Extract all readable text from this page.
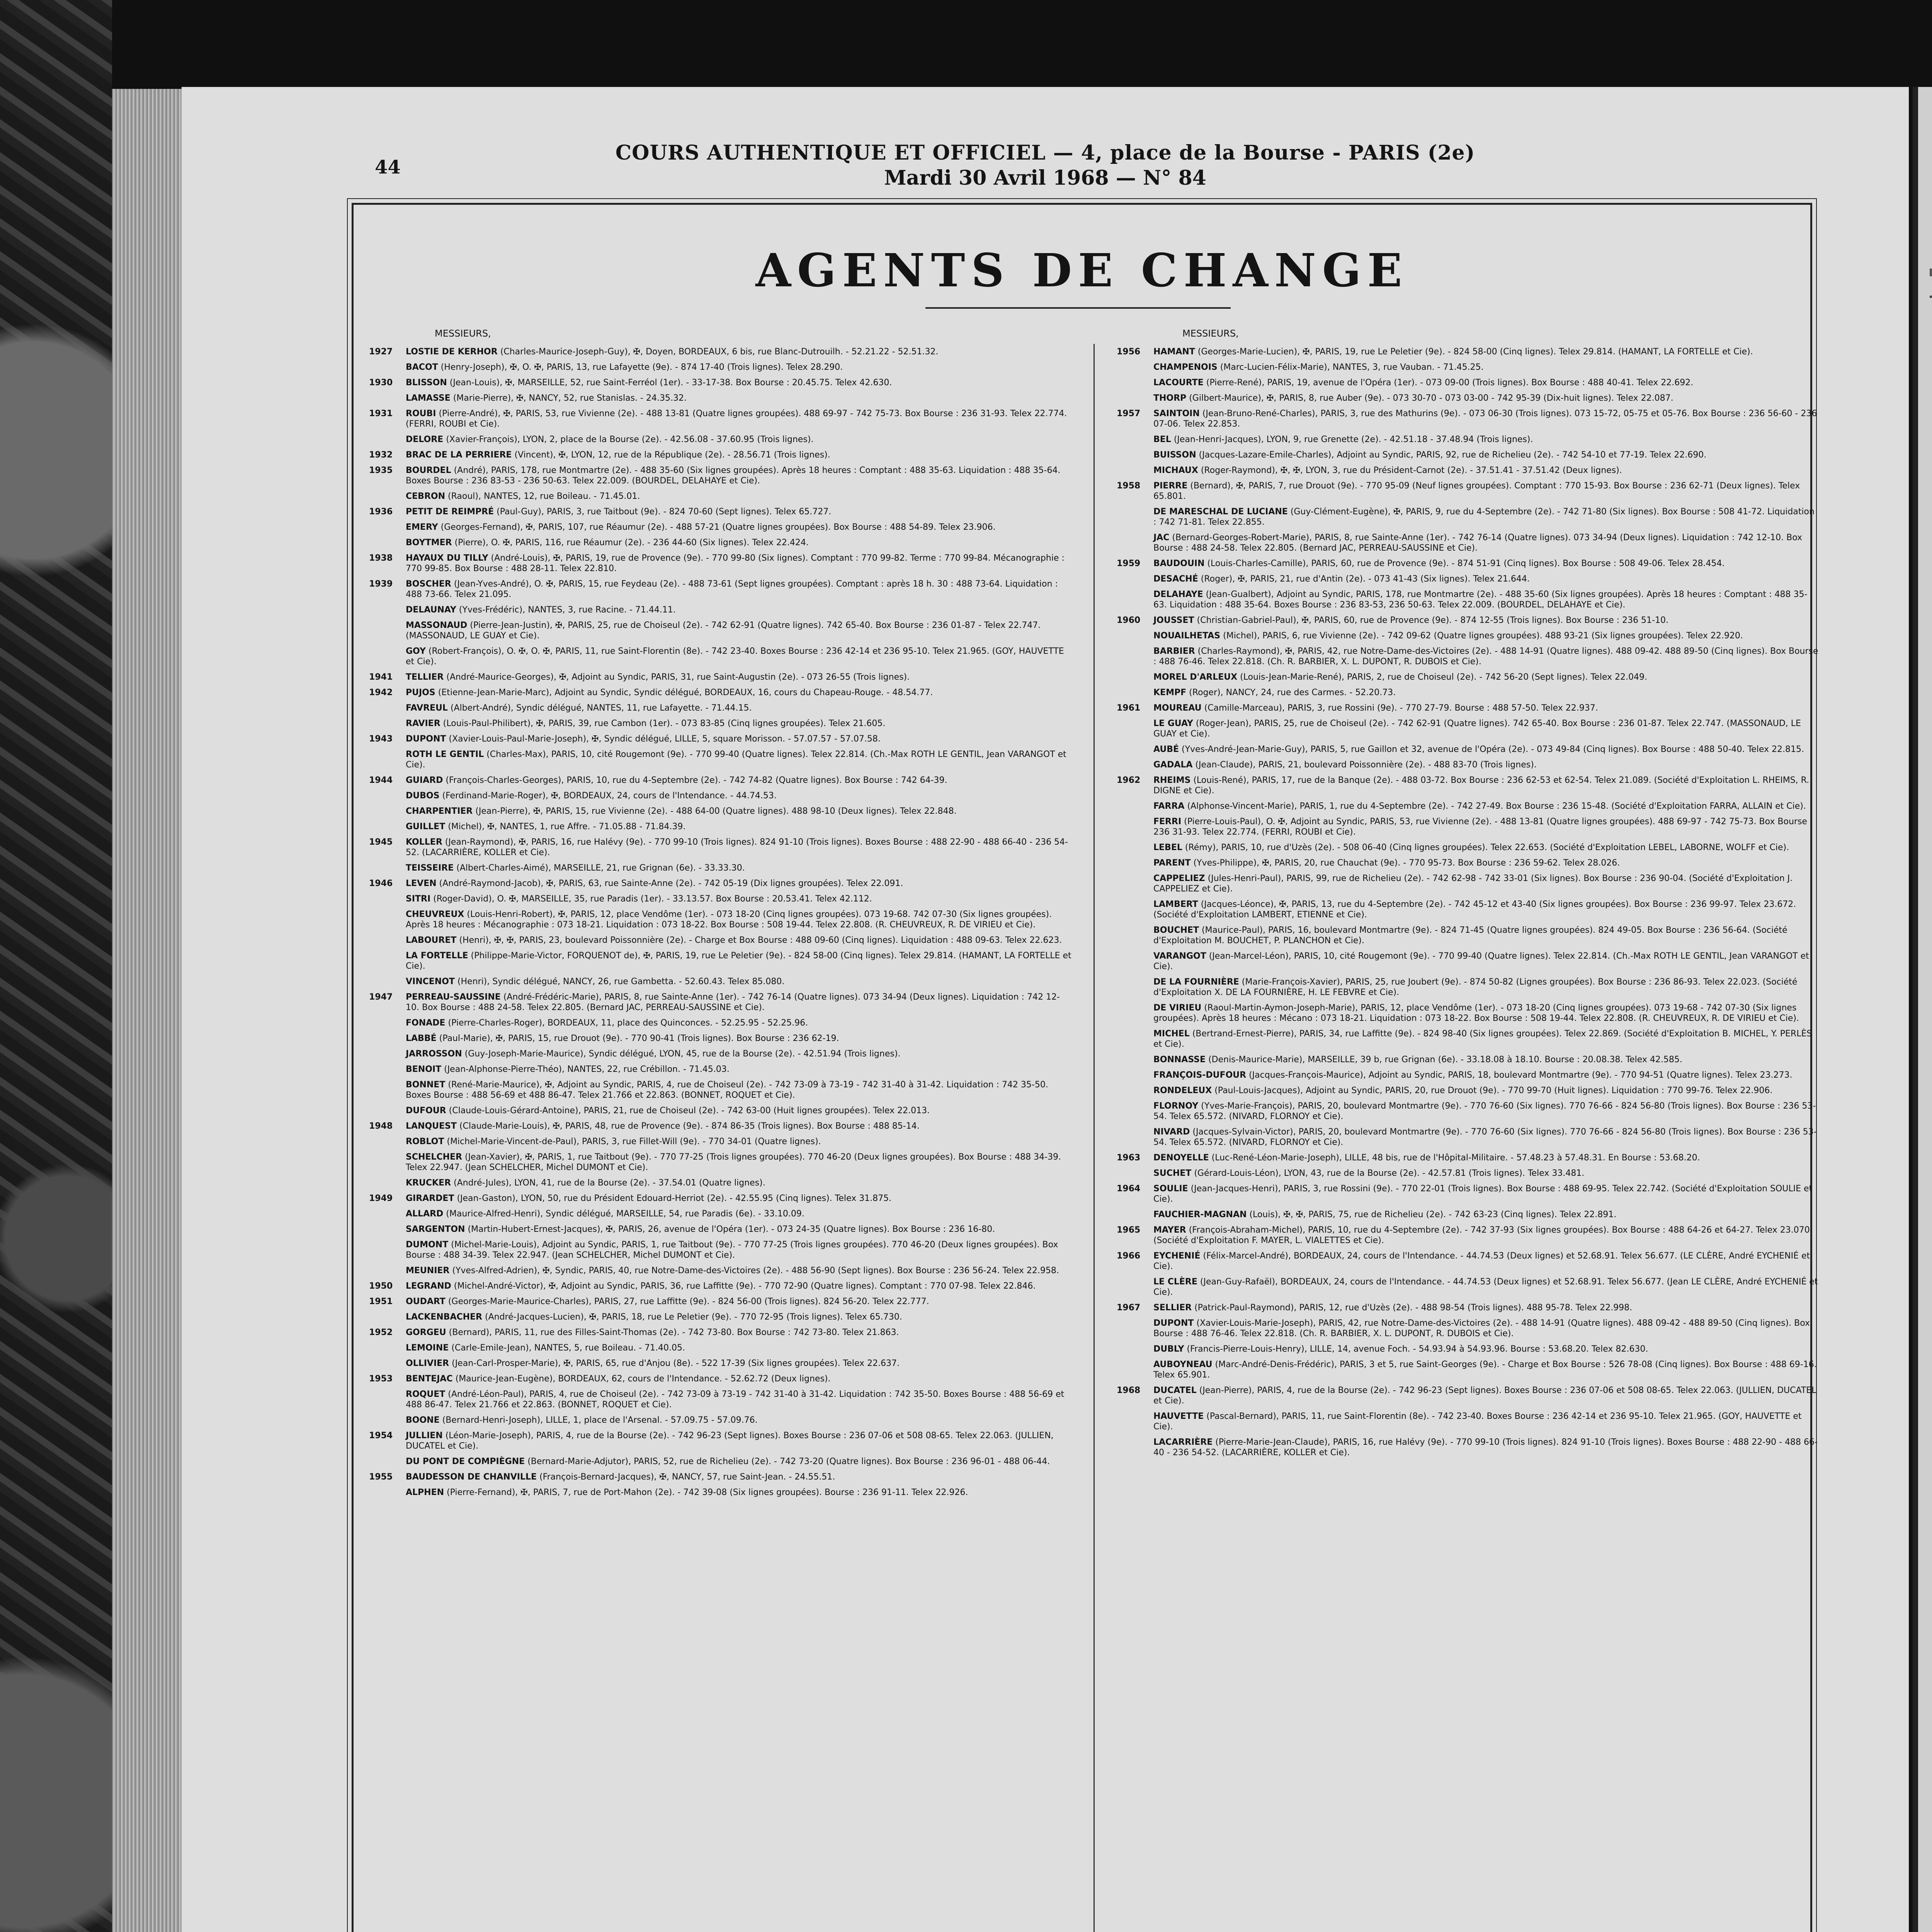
44
COURS AUTHENTIQUE ET OFFICIEL — 4, place de la Bourse - PARIS (2e)
Mardi 30 Avril 1968 — N° 84
AGENTS DE CHANGE
MESSIEURS,
1927	LOSTIE DE KERHOR (Charles-Maurice-Joseph-Guy), ✠, Doyen, BORDEAUX, 6 bis, rue Blanc-Dutrouilh. - 52.21.22 - 52.51.32.
BACOT (Henry-Joseph), ✠, O. ✠, PARIS, 13, rue Lafayette (9e). - 874 17-40 (Trois lignes). Telex 28.290.
1930	BLISSON (Jean-Louis), ✠, MARSEILLE, 52, rue Saint-Ferréol (1er). - 33-17-38. Box Bourse : 20.45.75. Telex 42.630.
LAMASSE (Marie-Pierre), ✠, NANCY, 52, rue Stanislas. - 24.35.32.
1931	ROUBI (Pierre-André), ✠, PARIS, 53, rue Vivienne (2e). - 488 13-81 (Quatre lignes groupées). 488 69-97 - 742 75-73. Box Bourse : 236 31-93. Telex 22.774. (FERRI, ROUBI et Cie).
DELORE (Xavier-François), LYON, 2, place de la Bourse (2e). - 42.56.08 - 37.60.95 (Trois lignes).
1932	BRAC DE LA PERRIERE (Vincent), ✠, LYON, 12, rue de la République (2e). - 28.56.71 (Trois lignes).
1935	BOURDEL (André), PARIS, 178, rue Montmartre (2e). - 488 35-60 (Six lignes groupées). Après 18 heures : Comptant : 488 35-63. Liquidation : 488 35-64. Boxes Bourse : 236 83-53 - 236 50-63. Telex 22.009. (BOURDEL, DELAHAYE et Cie).
CEBRON (Raoul), NANTES, 12, rue Boileau. - 71.45.01.
1936	PETIT DE REIMPRÉ (Paul-Guy), PARIS, 3, rue Taitbout (9e). - 824 70-60 (Sept lignes). Telex 65.727.
EMERY (Georges-Fernand), ✠, PARIS, 107, rue Réaumur (2e). - 488 57-21 (Quatre lignes groupées). Box Bourse : 488 54-89. Telex 23.906.
BOYTMER (Pierre), O. ✠, PARIS, 116, rue Réaumur (2e). - 236 44-60 (Six lignes). Telex 22.424.
1938	HAYAUX DU TILLY (André-Louis), ✠, PARIS, 19, rue de Provence (9e). - 770 99-80 (Six lignes). Comptant : 770 99-82. Terme : 770 99-84. Mécanographie : 770 99-85. Box Bourse : 488 28-11. Telex 22.810.
1939	BOSCHER (Jean-Yves-André), O. ✠, PARIS, 15, rue Feydeau (2e). - 488 73-61 (Sept lignes groupées). Comptant : après 18 h. 30 : 488 73-64. Liquidation : 488 73-66. Telex 21.095.
DELAUNAY (Yves-Frédéric), NANTES, 3, rue Racine. - 71.44.11.
MASSONAUD (Pierre-Jean-Justin), ✠, PARIS, 25, rue de Choiseul (2e). - 742 62-91 (Quatre lignes). 742 65-40. Box Bourse : 236 01-87 - Telex 22.747. (MASSONAUD, LE GUAY et Cie).
GOY (Robert-François), O. ✠, O. ✠, PARIS, 11, rue Saint-Florentin (8e). - 742 23-40. Boxes Bourse : 236 42-14 et 236 95-10. Telex 21.965. (GOY, HAUVETTE et Cie).
1941	TELLIER (André-Maurice-Georges), ✠, Adjoint au Syndic, PARIS, 31, rue Saint-Augustin (2e). - 073 26-55 (Trois lignes).
1942	PUJOS (Etienne-Jean-Marie-Marc), Adjoint au Syndic, Syndic délégué, BORDEAUX, 16, cours du Chapeau-Rouge. - 48.54.77.
FAVREUL (Albert-André), Syndic délégué, NANTES, 11, rue Lafayette. - 71.44.15.
RAVIER (Louis-Paul-Philibert), ✠, PARIS, 39, rue Cambon (1er). - 073 83-85 (Cinq lignes groupées). Telex 21.605.
1943	DUPONT (Xavier-Louis-Paul-Marie-Joseph), ✠, Syndic délégué, LILLE, 5, square Morisson. - 57.07.57 - 57.07.58.
ROTH LE GENTIL (Charles-Max), PARIS, 10, cité Rougemont (9e). - 770 99-40 (Quatre lignes). Telex 22.814. (Ch.-Max ROTH LE GENTIL, Jean VARANGOT et Cie).
1944	GUIARD (François-Charles-Georges), PARIS, 10, rue du 4-Septembre (2e). - 742 74-82 (Quatre lignes). Box Bourse : 742 64-39.
DUBOS (Ferdinand-Marie-Roger), ✠, BORDEAUX, 24, cours de l'Intendance. - 44.74.53.
CHARPENTIER (Jean-Pierre), ✠, PARIS, 15, rue Vivienne (2e). - 488 64-00 (Quatre lignes). 488 98-10 (Deux lignes). Telex 22.848.
GUILLET (Michel), ✠, NANTES, 1, rue Affre. - 71.05.88 - 71.84.39.
1945	KOLLER (Jean-Raymond), ✠, PARIS, 16, rue Halévy (9e). - 770 99-10 (Trois lignes). 824 91-10 (Trois lignes). Boxes Bourse : 488 22-90 - 488 66-40 - 236 54-52. (LACARRIÈRE, KOLLER et Cie).
TEISSEIRE (Albert-Charles-Aimé), MARSEILLE, 21, rue Grignan (6e). - 33.33.30.
1946	LEVEN (André-Raymond-Jacob), ✠, PARIS, 63, rue Sainte-Anne (2e). - 742 05-19 (Dix lignes groupées). Telex 22.091.
SITRI (Roger-David), O. ✠, MARSEILLE, 35, rue Paradis (1er). - 33.13.57. Box Bourse : 20.53.41. Telex 42.112.
CHEUVREUX (Louis-Henri-Robert), ✠, PARIS, 12, place Vendôme (1er). - 073 18-20 (Cinq lignes groupées). 073 19-68. 742 07-30 (Six lignes groupées). Après 18 heures : Mécanographie : 073 18-21. Liquidation : 073 18-22. Box Bourse : 508 19-44. Telex 22.808. (R. CHEUVREUX, R. DE VIRIEU et Cie).
LABOURET (Henri), ✠, ✠, PARIS, 23, boulevard Poissonnière (2e). - Charge et Box Bourse : 488 09-60 (Cinq lignes). Liquidation : 488 09-63. Telex 22.623.
LA FORTELLE (Philippe-Marie-Victor, FORQUENOT de), ✠, PARIS, 19, rue Le Peletier (9e). - 824 58-00 (Cinq lignes). Telex 29.814. (HAMANT, LA FORTELLE et Cie).
VINCENOT (Henri), Syndic délégué, NANCY, 26, rue Gambetta. - 52.60.43. Telex 85.080.
1947	PERREAU-SAUSSINE (André-Frédéric-Marie), PARIS, 8, rue Sainte-Anne (1er). - 742 76-14 (Quatre lignes). 073 34-94 (Deux lignes). Liquidation : 742 12-10. Box Bourse : 488 24-58. Telex 22.805. (Bernard JAC, PERREAU-SAUSSINE et Cie).
FONADE (Pierre-Charles-Roger), BORDEAUX, 11, place des Quinconces. - 52.25.95 - 52.25.96.
LABBÉ (Paul-Marie), ✠, PARIS, 15, rue Drouot (9e). - 770 90-41 (Trois lignes). Box Bourse : 236 62-19.
JARROSSON (Guy-Joseph-Marie-Maurice), Syndic délégué, LYON, 45, rue de la Bourse (2e). - 42.51.94 (Trois lignes).
BENOIT (Jean-Alphonse-Pierre-Théo), NANTES, 22, rue Crébillon. - 71.45.03.
BONNET (René-Marie-Maurice), ✠, Adjoint au Syndic, PARIS, 4, rue de Choiseul (2e). - 742 73-09 à 73-19 - 742 31-40 à 31-42. Liquidation : 742 35-50. Boxes Bourse : 488 56-69 et 488 86-47. Telex 21.766 et 22.863. (BONNET, ROQUET et Cie).
DUFOUR (Claude-Louis-Gérard-Antoine), PARIS, 21, rue de Choiseul (2e). - 742 63-00 (Huit lignes groupées). Telex 22.013.
1948	LANQUEST (Claude-Marie-Louis), ✠, PARIS, 48, rue de Provence (9e). - 874 86-35 (Trois lignes). Box Bourse : 488 85-14.
ROBLOT (Michel-Marie-Vincent-de-Paul), PARIS, 3, rue Fillet-Will (9e). - 770 34-01 (Quatre lignes).
SCHELCHER (Jean-Xavier), ✠, PARIS, 1, rue Taitbout (9e). - 770 77-25 (Trois lignes groupées). 770 46-20 (Deux lignes groupées). Box Bourse : 488 34-39. Telex 22.947. (Jean SCHELCHER, Michel DUMONT et Cie).
KRUCKER (André-Jules), LYON, 41, rue de la Bourse (2e). - 37.54.01 (Quatre lignes).
1949	GIRARDET (Jean-Gaston), LYON, 50, rue du Président Edouard-Herriot (2e). - 42.55.95 (Cinq lignes). Telex 31.875.
ALLARD (Maurice-Alfred-Henri), Syndic délégué, MARSEILLE, 54, rue Paradis (6e). - 33.10.09.
SARGENTON (Martin-Hubert-Ernest-Jacques), ✠, PARIS, 26, avenue de l'Opéra (1er). - 073 24-35 (Quatre lignes). Box Bourse : 236 16-80.
DUMONT (Michel-Marie-Louis), Adjoint au Syndic, PARIS, 1, rue Taitbout (9e). - 770 77-25 (Trois lignes groupées). 770 46-20 (Deux lignes groupées). Box Bourse : 488 34-39. Telex 22.947. (Jean SCHELCHER, Michel DUMONT et Cie).
MEUNIER (Yves-Alfred-Adrien), ✠, Syndic, PARIS, 40, rue Notre-Dame-des-Victoires (2e). - 488 56-90 (Sept lignes). Box Bourse : 236 56-24. Telex 22.958.
1950	LEGRAND (Michel-André-Victor), ✠, Adjoint au Syndic, PARIS, 36, rue Laffitte (9e). - 770 72-90 (Quatre lignes). Comptant : 770 07-98. Telex 22.846.
1951	OUDART (Georges-Marie-Maurice-Charles), PARIS, 27, rue Laffitte (9e). - 824 56-00 (Trois lignes). 824 56-20. Telex 22.777.
LACKENBACHER (André-Jacques-Lucien), ✠, PARIS, 18, rue Le Peletier (9e). - 770 72-95 (Trois lignes). Telex 65.730.
1952	GORGEU (Bernard), PARIS, 11, rue des Filles-Saint-Thomas (2e). - 742 73-80. Box Bourse : 742 73-80. Telex 21.863.
LEMOINE (Carle-Emile-Jean), NANTES, 5, rue Boileau. - 71.40.05.
OLLIVIER (Jean-Carl-Prosper-Marie), ✠, PARIS, 65, rue d'Anjou (8e). - 522 17-39 (Six lignes groupées). Telex 22.637.
1953	BENTEJAC (Maurice-Jean-Eugène), BORDEAUX, 62, cours de l'Intendance. - 52.62.72 (Deux lignes).
ROQUET (André-Léon-Paul), PARIS, 4, rue de Choiseul (2e). - 742 73-09 à 73-19 - 742 31-40 à 31-42. Liquidation : 742 35-50. Boxes Bourse : 488 56-69 et 488 86-47. Telex 21.766 et 22.863. (BONNET, ROQUET et Cie).
BOONE (Bernard-Henri-Joseph), LILLE, 1, place de l'Arsenal. - 57.09.75 - 57.09.76.
1954	JULLIEN (Léon-Marie-Joseph), PARIS, 4, rue de la Bourse (2e). - 742 96-23 (Sept lignes). Boxes Bourse : 236 07-06 et 508 08-65. Telex 22.063. (JULLIEN, DUCATEL et Cie).
DU PONT DE COMPIÈGNE (Bernard-Marie-Adjutor), PARIS, 52, rue de Richelieu (2e). - 742 73-20 (Quatre lignes). Box Bourse : 236 96-01 - 488 06-44.
1955	BAUDESSON DE CHANVILLE (François-Bernard-Jacques), ✠, NANCY, 57, rue Saint-Jean. - 24.55.51.
ALPHEN (Pierre-Fernand), ✠, PARIS, 7, rue de Port-Mahon (2e). - 742 39-08 (Six lignes groupées). Bourse : 236 91-11. Telex 22.926.
MESSIEURS,
1956	HAMANT (Georges-Marie-Lucien), ✠, PARIS, 19, rue Le Peletier (9e). - 824 58-00 (Cinq lignes). Telex 29.814. (HAMANT, LA FORTELLE et Cie).
CHAMPENOIS (Marc-Lucien-Félix-Marie), NANTES, 3, rue Vauban. - 71.45.25.
LACOURTE (Pierre-René), PARIS, 19, avenue de l'Opéra (1er). - 073 09-00 (Trois lignes). Box Bourse : 488 40-41. Telex 22.692.
THORP (Gilbert-Maurice), ✠, PARIS, 8, rue Auber (9e). - 073 30-70 - 073 03-00 - 742 95-39 (Dix-huit lignes). Telex 22.087.
1957	SAINTOIN (Jean-Bruno-René-Charles), PARIS, 3, rue des Mathurins (9e). - 073 06-30 (Trois lignes). 073 15-72, 05-75 et 05-76. Box Bourse : 236 56-60 - 236 07-06. Telex 22.853.
BEL (Jean-Henri-Jacques), LYON, 9, rue Grenette (2e). - 42.51.18 - 37.48.94 (Trois lignes).
BUISSON (Jacques-Lazare-Emile-Charles), Adjoint au Syndic, PARIS, 92, rue de Richelieu (2e). - 742 54-10 et 77-19. Telex 22.690.
MICHAUX (Roger-Raymond), ✠, ✠, LYON, 3, rue du Président-Carnot (2e). - 37.51.41 - 37.51.42 (Deux lignes).
1958	PIERRE (Bernard), ✠, PARIS, 7, rue Drouot (9e). - 770 95-09 (Neuf lignes groupées). Comptant : 770 15-93. Box Bourse : 236 62-71 (Deux lignes). Telex 65.801.
DE MARESCHAL DE LUCIANE (Guy-Clément-Eugène), ✠, PARIS, 9, rue du 4-Septembre (2e). - 742 71-80 (Six lignes). Box Bourse : 508 41-72. Liquidation : 742 71-81. Telex 22.855.
JAC (Bernard-Georges-Robert-Marie), PARIS, 8, rue Sainte-Anne (1er). - 742 76-14 (Quatre lignes). 073 34-94 (Deux lignes). Liquidation : 742 12-10. Box Bourse : 488 24-58. Telex 22.805. (Bernard JAC, PERREAU-SAUSSINE et Cie).
1959	BAUDOUIN (Louis-Charles-Camille), PARIS, 60, rue de Provence (9e). - 874 51-91 (Cinq lignes). Box Bourse : 508 49-06. Telex 28.454.
DESACHÉ (Roger), ✠, PARIS, 21, rue d'Antin (2e). - 073 41-43 (Six lignes). Telex 21.644.
DELAHAYE (Jean-Gualbert), Adjoint au Syndic, PARIS, 178, rue Montmartre (2e). - 488 35-60 (Six lignes groupées). Après 18 heures : Comptant : 488 35-63. Liquidation : 488 35-64. Boxes Bourse : 236 83-53, 236 50-63. Telex 22.009. (BOURDEL, DELAHAYE et Cie).
1960	JOUSSET (Christian-Gabriel-Paul), ✠, PARIS, 60, rue de Provence (9e). - 874 12-55 (Trois lignes). Box Bourse : 236 51-10.
NOUAILHETAS (Michel), PARIS, 6, rue Vivienne (2e). - 742 09-62 (Quatre lignes groupées). 488 93-21 (Six lignes groupées). Telex 22.920.
BARBIER (Charles-Raymond), ✠, PARIS, 42, rue Notre-Dame-des-Victoires (2e). - 488 14-91 (Quatre lignes). 488 09-42. 488 89-50 (Cinq lignes). Box Bourse : 488 76-46. Telex 22.818. (Ch. R. BARBIER, X. L. DUPONT, R. DUBOIS et Cie).
MOREL D'ARLEUX (Louis-Jean-Marie-René), PARIS, 2, rue de Choiseul (2e). - 742 56-20 (Sept lignes). Telex 22.049.
KEMPF (Roger), NANCY, 24, rue des Carmes. - 52.20.73.
1961	MOUREAU (Camille-Marceau), PARIS, 3, rue Rossini (9e). - 770 27-79. Bourse : 488 57-50. Telex 22.937.
LE GUAY (Roger-Jean), PARIS, 25, rue de Choiseul (2e). - 742 62-91 (Quatre lignes). 742 65-40. Box Bourse : 236 01-87. Telex 22.747. (MASSONAUD, LE GUAY et Cie).
AUBÉ (Yves-André-Jean-Marie-Guy), PARIS, 5, rue Gaillon et 32, avenue de l'Opéra (2e). - 073 49-84 (Cinq lignes). Box Bourse : 488 50-40. Telex 22.815.
GADALA (Jean-Claude), PARIS, 21, boulevard Poissonnière (2e). - 488 83-70 (Trois lignes).
1962	RHEIMS (Louis-René), PARIS, 17, rue de la Banque (2e). - 488 03-72. Box Bourse : 236 62-53 et 62-54. Telex 21.089. (Société d'Exploitation L. RHEIMS, R. DIGNE et Cie).
FARRA (Alphonse-Vincent-Marie), PARIS, 1, rue du 4-Septembre (2e). - 742 27-49. Box Bourse : 236 15-48. (Société d'Exploitation FARRA, ALLAIN et Cie).
FERRI (Pierre-Louis-Paul), O. ✠, Adjoint au Syndic, PARIS, 53, rue Vivienne (2e). - 488 13-81 (Quatre lignes groupées). 488 69-97 - 742 75-73. Box Bourse : 236 31-93. Telex 22.774. (FERRI, ROUBI et Cie).
LEBEL (Rémy), PARIS, 10, rue d'Uzès (2e). - 508 06-40 (Cinq lignes groupées). Telex 22.653. (Société d'Exploitation LEBEL, LABORNE, WOLFF et Cie).
PARENT (Yves-Philippe), ✠, PARIS, 20, rue Chauchat (9e). - 770 95-73. Box Bourse : 236 59-62. Telex 28.026.
CAPPELIEZ (Jules-Henri-Paul), PARIS, 99, rue de Richelieu (2e). - 742 62-98 - 742 33-01 (Six lignes). Box Bourse : 236 90-04. (Société d'Exploitation J. CAPPELIEZ et Cie).
LAMBERT (Jacques-Léonce), ✠, PARIS, 13, rue du 4-Septembre (2e). - 742 45-12 et 43-40 (Six lignes groupées). Box Bourse : 236 99-97. Telex 23.672. (Société d'Exploitation LAMBERT, ETIENNE et Cie).
BOUCHET (Maurice-Paul), PARIS, 16, boulevard Montmartre (9e). - 824 71-45 (Quatre lignes groupées). 824 49-05. Box Bourse : 236 56-64. (Société d'Exploitation M. BOUCHET, P. PLANCHON et Cie).
VARANGOT (Jean-Marcel-Léon), PARIS, 10, cité Rougemont (9e). - 770 99-40 (Quatre lignes). Telex 22.814. (Ch.-Max ROTH LE GENTIL, Jean VARANGOT et Cie).
DE LA FOURNIÈRE (Marie-François-Xavier), PARIS, 25, rue Joubert (9e). - 874 50-82 (Lignes groupées). Box Bourse : 236 86-93. Telex 22.023. (Société d'Exploitation X. DE LA FOURNIÈRE, H. LE FEBVRE et Cie).
DE VIRIEU (Raoul-Martin-Aymon-Joseph-Marie), PARIS, 12, place Vendôme (1er). - 073 18-20 (Cinq lignes groupées). 073 19-68 - 742 07-30 (Six lignes groupées). Après 18 heures : Mécano : 073 18-21. Liquidation : 073 18-22. Box Bourse : 508 19-44. Telex 22.808. (R. CHEUVREUX, R. DE VIRIEU et Cie).
MICHEL (Bertrand-Ernest-Pierre), PARIS, 34, rue Laffitte (9e). - 824 98-40 (Six lignes groupées). Telex 22.869. (Société d'Exploitation B. MICHEL, Y. PERLÈS et Cie).
BONNASSE (Denis-Maurice-Marie), MARSEILLE, 39 b, rue Grignan (6e). - 33.18.08 à 18.10. Bourse : 20.08.38. Telex 42.585.
FRANÇOIS-DUFOUR (Jacques-François-Maurice), Adjoint au Syndic, PARIS, 18, boulevard Montmartre (9e). - 770 94-51 (Quatre lignes). Telex 23.273.
RONDELEUX (Paul-Louis-Jacques), Adjoint au Syndic, PARIS, 20, rue Drouot (9e). - 770 99-70 (Huit lignes). Liquidation : 770 99-76. Telex 22.906.
FLORNOY (Yves-Marie-François), PARIS, 20, boulevard Montmartre (9e). - 770 76-60 (Six lignes). 770 76-66 - 824 56-80 (Trois lignes). Box Bourse : 236 53-54. Telex 65.572. (NIVARD, FLORNOY et Cie).
NIVARD (Jacques-Sylvain-Victor), PARIS, 20, boulevard Montmartre (9e). - 770 76-60 (Six lignes). 770 76-66 - 824 56-80 (Trois lignes). Box Bourse : 236 53-54. Telex 65.572. (NIVARD, FLORNOY et Cie).
1963	DENOYELLE (Luc-René-Léon-Marie-Joseph), LILLE, 48 bis, rue de l'Hôpital-Militaire. - 57.48.23 à 57.48.31. En Bourse : 53.68.20.
SUCHET (Gérard-Louis-Léon), LYON, 43, rue de la Bourse (2e). - 42.57.81 (Trois lignes). Telex 33.481.
1964	SOULIE (Jean-Jacques-Henri), PARIS, 3, rue Rossini (9e). - 770 22-01 (Trois lignes). Box Bourse : 488 69-95. Telex 22.742. (Société d'Exploitation SOULIE et Cie).
FAUCHIER-MAGNAN (Louis), ✠, ✠, PARIS, 75, rue de Richelieu (2e). - 742 63-23 (Cinq lignes). Telex 22.891.
1965	MAYER (François-Abraham-Michel), PARIS, 10, rue du 4-Septembre (2e). - 742 37-93 (Six lignes groupées). Box Bourse : 488 64-26 et 64-27. Telex 23.070. (Société d'Exploitation F. MAYER, L. VIALETTES et Cie).
1966	EYCHENIÉ (Félix-Marcel-André), BORDEAUX, 24, cours de l'Intendance. - 44.74.53 (Deux lignes) et 52.68.91. Telex 56.677. (LE CLÈRE, André EYCHENIÉ et Cie).
LE CLÈRE (Jean-Guy-Rafaël), BORDEAUX, 24, cours de l'Intendance. - 44.74.53 (Deux lignes) et 52.68.91. Telex 56.677. (Jean LE CLÈRE, André EYCHENIÉ et Cie).
1967	SELLIER (Patrick-Paul-Raymond), PARIS, 12, rue d'Uzès (2e). - 488 98-54 (Trois lignes). 488 95-78. Telex 22.998.
DUPONT (Xavier-Louis-Marie-Joseph), PARIS, 42, rue Notre-Dame-des-Victoires (2e). - 488 14-91 (Quatre lignes). 488 09-42 - 488 89-50 (Cinq lignes). Box Bourse : 488 76-46. Telex 22.818. (Ch. R. BARBIER, X. L. DUPONT, R. DUBOIS et Cie).
DUBLY (Francis-Pierre-Louis-Henry), LILLE, 14, avenue Foch. - 54.93.94 à 54.93.96. Bourse : 53.68.20. Telex 82.630.
AUBOYNEAU (Marc-André-Denis-Frédéric), PARIS, 3 et 5, rue Saint-Georges (9e). - Charge et Box Bourse : 526 78-08 (Cinq lignes). Box Bourse : 488 69-16. Telex 65.901.
1968	DUCATEL (Jean-Pierre), PARIS, 4, rue de la Bourse (2e). - 742 96-23 (Sept lignes). Boxes Bourse : 236 07-06 et 508 08-65. Telex 22.063. (JULLIEN, DUCATEL et Cie).
HAUVETTE (Pascal-Bernard), PARIS, 11, rue Saint-Florentin (8e). - 742 23-40. Boxes Bourse : 236 42-14 et 236 95-10. Telex 21.965. (GOY, HAUVETTE et Cie).
LACARRIÈRE (Pierre-Marie-Jean-Claude), PARIS, 16, rue Halévy (9e). - 770 99-10 (Trois lignes). 824 91-10 (Trois lignes). Boxes Bourse : 488 22-90 - 488 66-40 - 236 54-52. (LACARRIÈRE, KOLLER et Cie).
